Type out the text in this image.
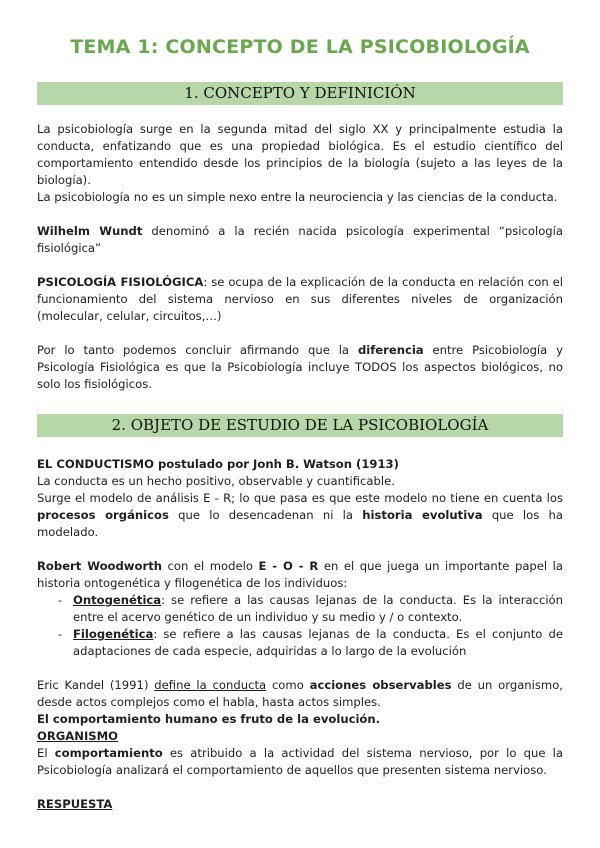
TEMA 1: CONCEPTO DE LA PSICOBIOLOGÍA
1. CONCEPTO Y DEFINICIÓN

La psicobiología surge en la segunda mitad del siglo XX y principalmente estudia la conducta, enfatizando que es una propiedad biológica. Es el estudio científico del comportamiento entendido desde los principios de la biología (sujeto a las leyes de la biología).

La psicobiología no es un simple nexo entre la neurociencia y las ciencias de la conducta.

Wilhelm Wundt denominó a la recién nacida psicología experimental “psicología fisiológica”

PSICOLOGÍA FISIOLÓGICA: se ocupa de la explicación de la conducta en relación con el funcionamiento del sistema nervioso en sus diferentes niveles de organización (molecular, celular, circuitos,…)

Por lo tanto podemos concluir afirmando que la diferencia entre Psicobiología y Psicología Fisiológica es que la Psicobiología incluye TODOS los aspectos biológicos, no solo los fisiológicos.

2. OBJETO DE ESTUDIO DE LA PSICOBIOLOGÍA

EL CONDUCTISMO postulado por Jonh B. Watson (1913)

La conducta es un hecho positivo, observable y cuantificable.

Surge el modelo de análisis E - R; lo que pasa es que este modelo no tiene en cuenta los procesos orgánicos que lo desencadenan ni la historia evolutiva que los ha modelado.

Robert Woodworth con el modelo E - O - R en el que juega un importante papel la historia ontogenética y filogenética de los individuos:

- Ontogenética: se refiere a las causas lejanas de la conducta. Es la interacción entre el acervo genético de un individuo y su medio y / o contexto.
- Filogenética: se refiere a las causas lejanas de la conducta. Es el conjunto de adaptaciones de cada especie, adquiridas a lo largo de la evolución

Eric Kandel (1991) define la conducta como acciones observables de un organismo, desde actos complejos como el habla, hasta actos simples.

El comportamiento humano es fruto de la evolución.

ORGANISMO

El comportamiento es atribuido a la actividad del sistema nervioso, por lo que la Psicobiología analizará el comportamiento de aquellos que presenten sistema nervioso.

RESPUESTA
